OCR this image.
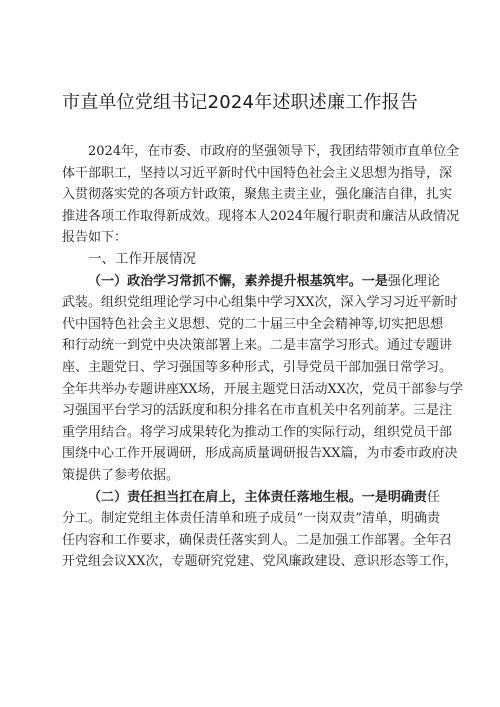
市直单位党组书记2024年述职述廉工作报告
2024年，在市委、市政府的坚强领导下，我团结带领市直单位全
体干部职工，坚持以习近平新时代中国特色社会主义思想为指导，深
入贯彻落实党的各项方针政策，聚焦主责主业，强化廉洁自律，扎实
推进各项工作取得新成效。现将本人2024年履行职责和廉洁从政情况
报告如下：
一、工作开展情况
（一）政治学习常抓不懈，素养提升根基筑牢。一是强化理论
武装。组织党组理论学习中心组集中学习XX次，深入学习习近平新时
代中国特色社会主义思想、党的二十届三中全会精神等,切实把思想
和行动统一到党中央决策部署上来。二是丰富学习形式。通过专题讲
座、主题党日、学习强国等多种形式，引导党员干部加强日常学习。
全年共举办专题讲座XX场，开展主题党日活动XX次，党员干部参与学
习强国平台学习的活跃度和积分排名在市直机关中名列前茅。三是注
重学用结合。将学习成果转化为推动工作的实际行动，组织党员干部
围绕中心工作开展调研，形成高质量调研报告XX篇，为市委市政府决
策提供了参考依据。
（二）责任担当扛在肩上，主体责任落地生根。一是明确责任
分工。制定党组主体责任清单和班子成员“一岗双责”清单，明确责
任内容和工作要求，确保责任落实到人。二是加强工作部署。全年召
开党组会议XX次，专题研究党建、党风廉政建设、意识形态等工作，
